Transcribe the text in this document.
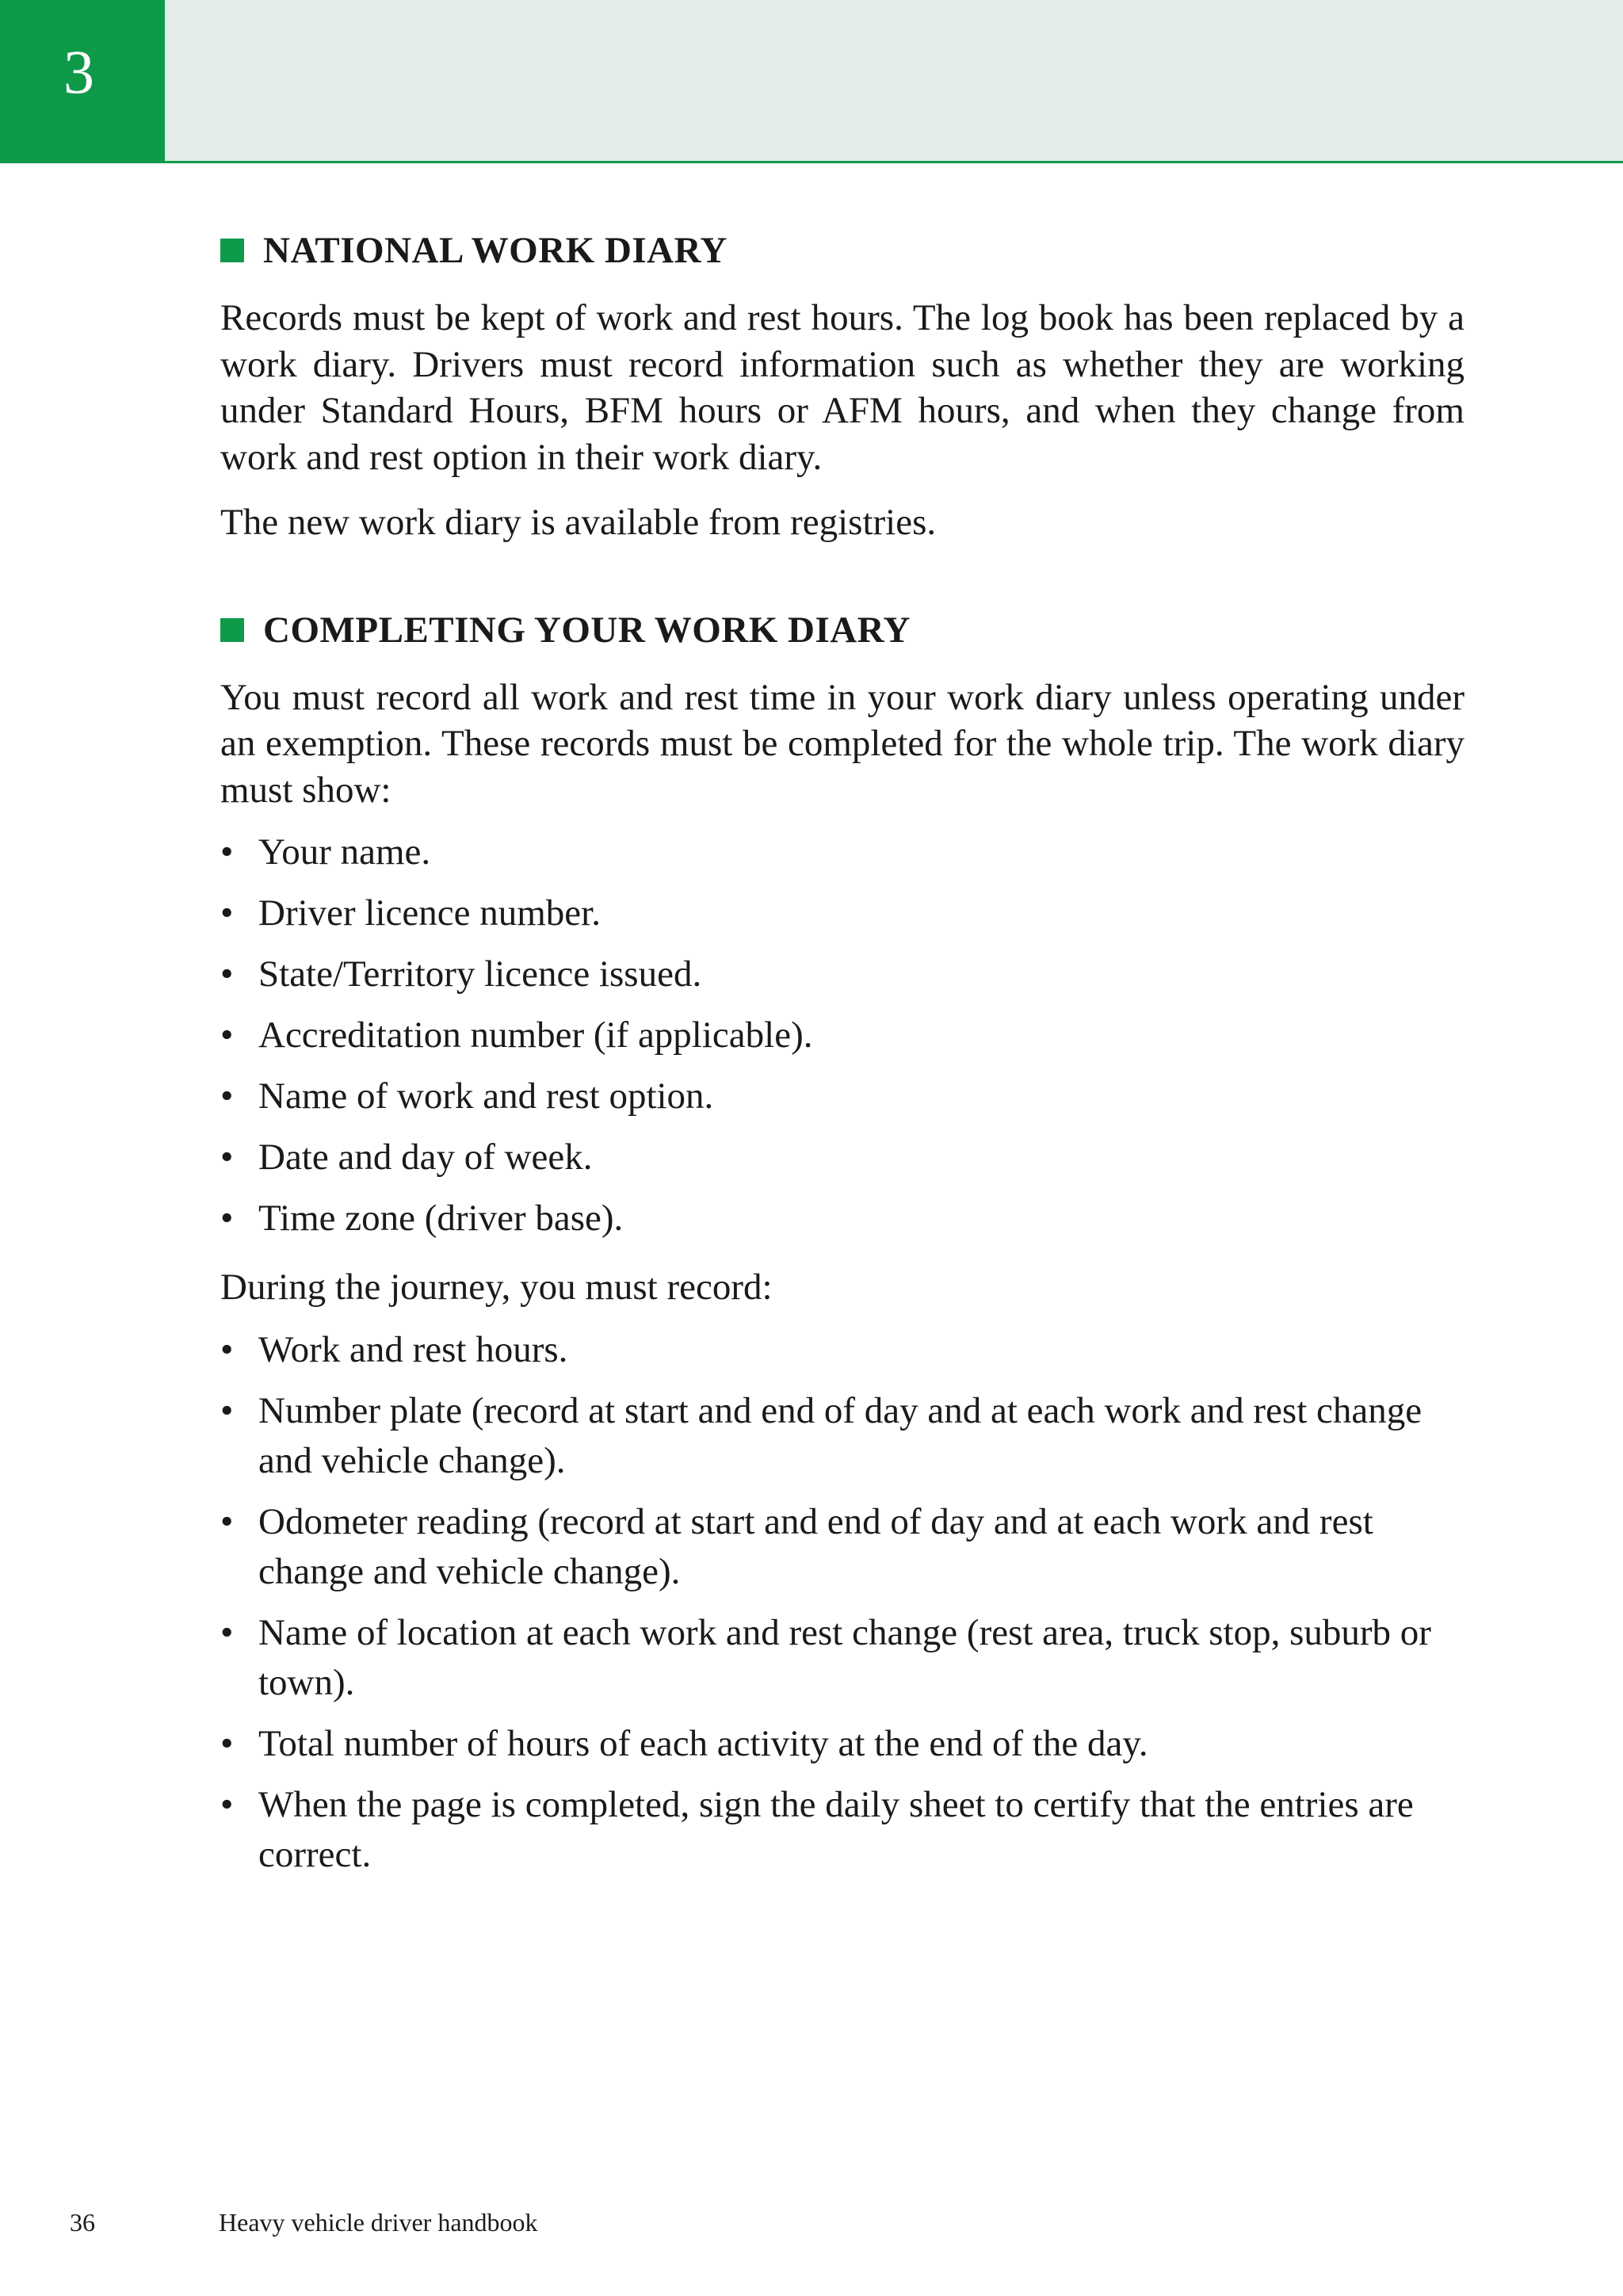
3
NATIONAL WORK DIARY

Records must be kept of work and rest hours. The log book has been replaced by a work diary. Drivers must record information such as whether they are working under Standard Hours, BFM hours or AFM hours, and when they change from work and rest option in their work diary.

The new work diary is available from registries.

COMPLETING YOUR WORK DIARY

You must record all work and rest time in your work diary unless operating under an exemption. These records must be completed for the whole trip. The work diary must show:

• Your name.
• Driver licence number.
• State/Territory licence issued.
• Accreditation number (if applicable).
• Name of work and rest option.
• Date and day of week.
• Time zone (driver base).

During the journey, you must record:

• Work and rest hours.
• Number plate (record at start and end of day and at each work and rest change and vehicle change).
• Odometer reading (record at start and end of day and at each work and rest change and vehicle change).
• Name of location at each work and rest change (rest area, truck stop, suburb or town).
• Total number of hours of each activity at the end of the day.
• When the page is completed, sign the daily sheet to certify that the entries are correct.
36	Heavy vehicle driver handbook
